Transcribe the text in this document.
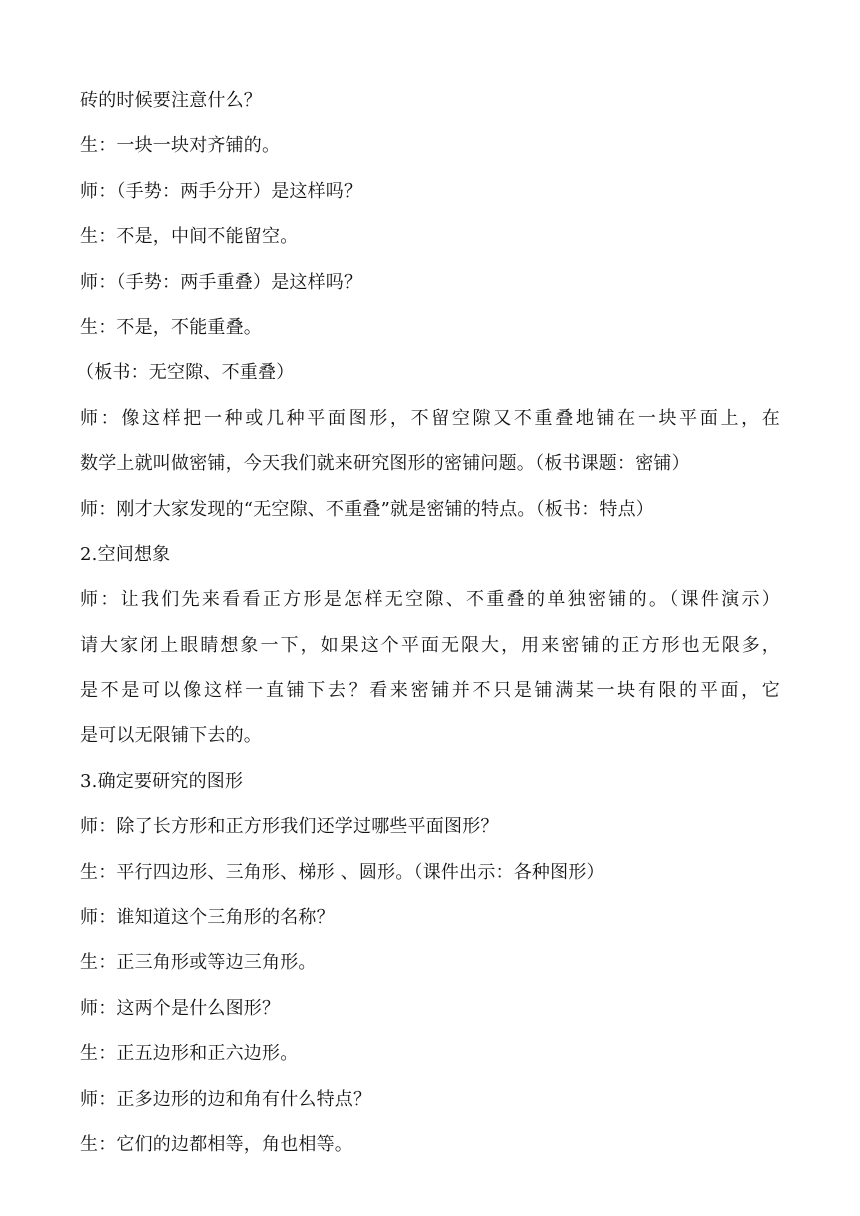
砖的时候要注意什么？
生：一块一块对齐铺的。
师：（手势：两手分开）是这样吗？
生：不是，中间不能留空。
师：（手势：两手重叠）是这样吗？
生：不是，不能重叠。
（板书：无空隙、不重叠）
师：像这样把一种或几种平面图形，不留空隙又不重叠地铺在一块平面上，在
数学上就叫做密铺，今天我们就来研究图形的密铺问题。（板书课题：密铺）
师：刚才大家发现的“无空隙、不重叠”就是密铺的特点。（板书：特点）
2.空间想象
师：让我们先来看看正方形是怎样无空隙、不重叠的单独密铺的。（课件演示）
请大家闭上眼睛想象一下，如果这个平面无限大，用来密铺的正方形也无限多，
是不是可以像这样一直铺下去？看来密铺并不只是铺满某一块有限的平面，它
是可以无限铺下去的。
3.确定要研究的图形
师：除了长方形和正方形我们还学过哪些平面图形？
生：平行四边形、三角形、梯形 、圆形。（课件出示：各种图形）
师：谁知道这个三角形的名称？
生：正三角形或等边三角形。
师：这两个是什么图形？
生：正五边形和正六边形。
师：正多边形的边和角有什么特点？
生：它们的边都相等，角也相等。
